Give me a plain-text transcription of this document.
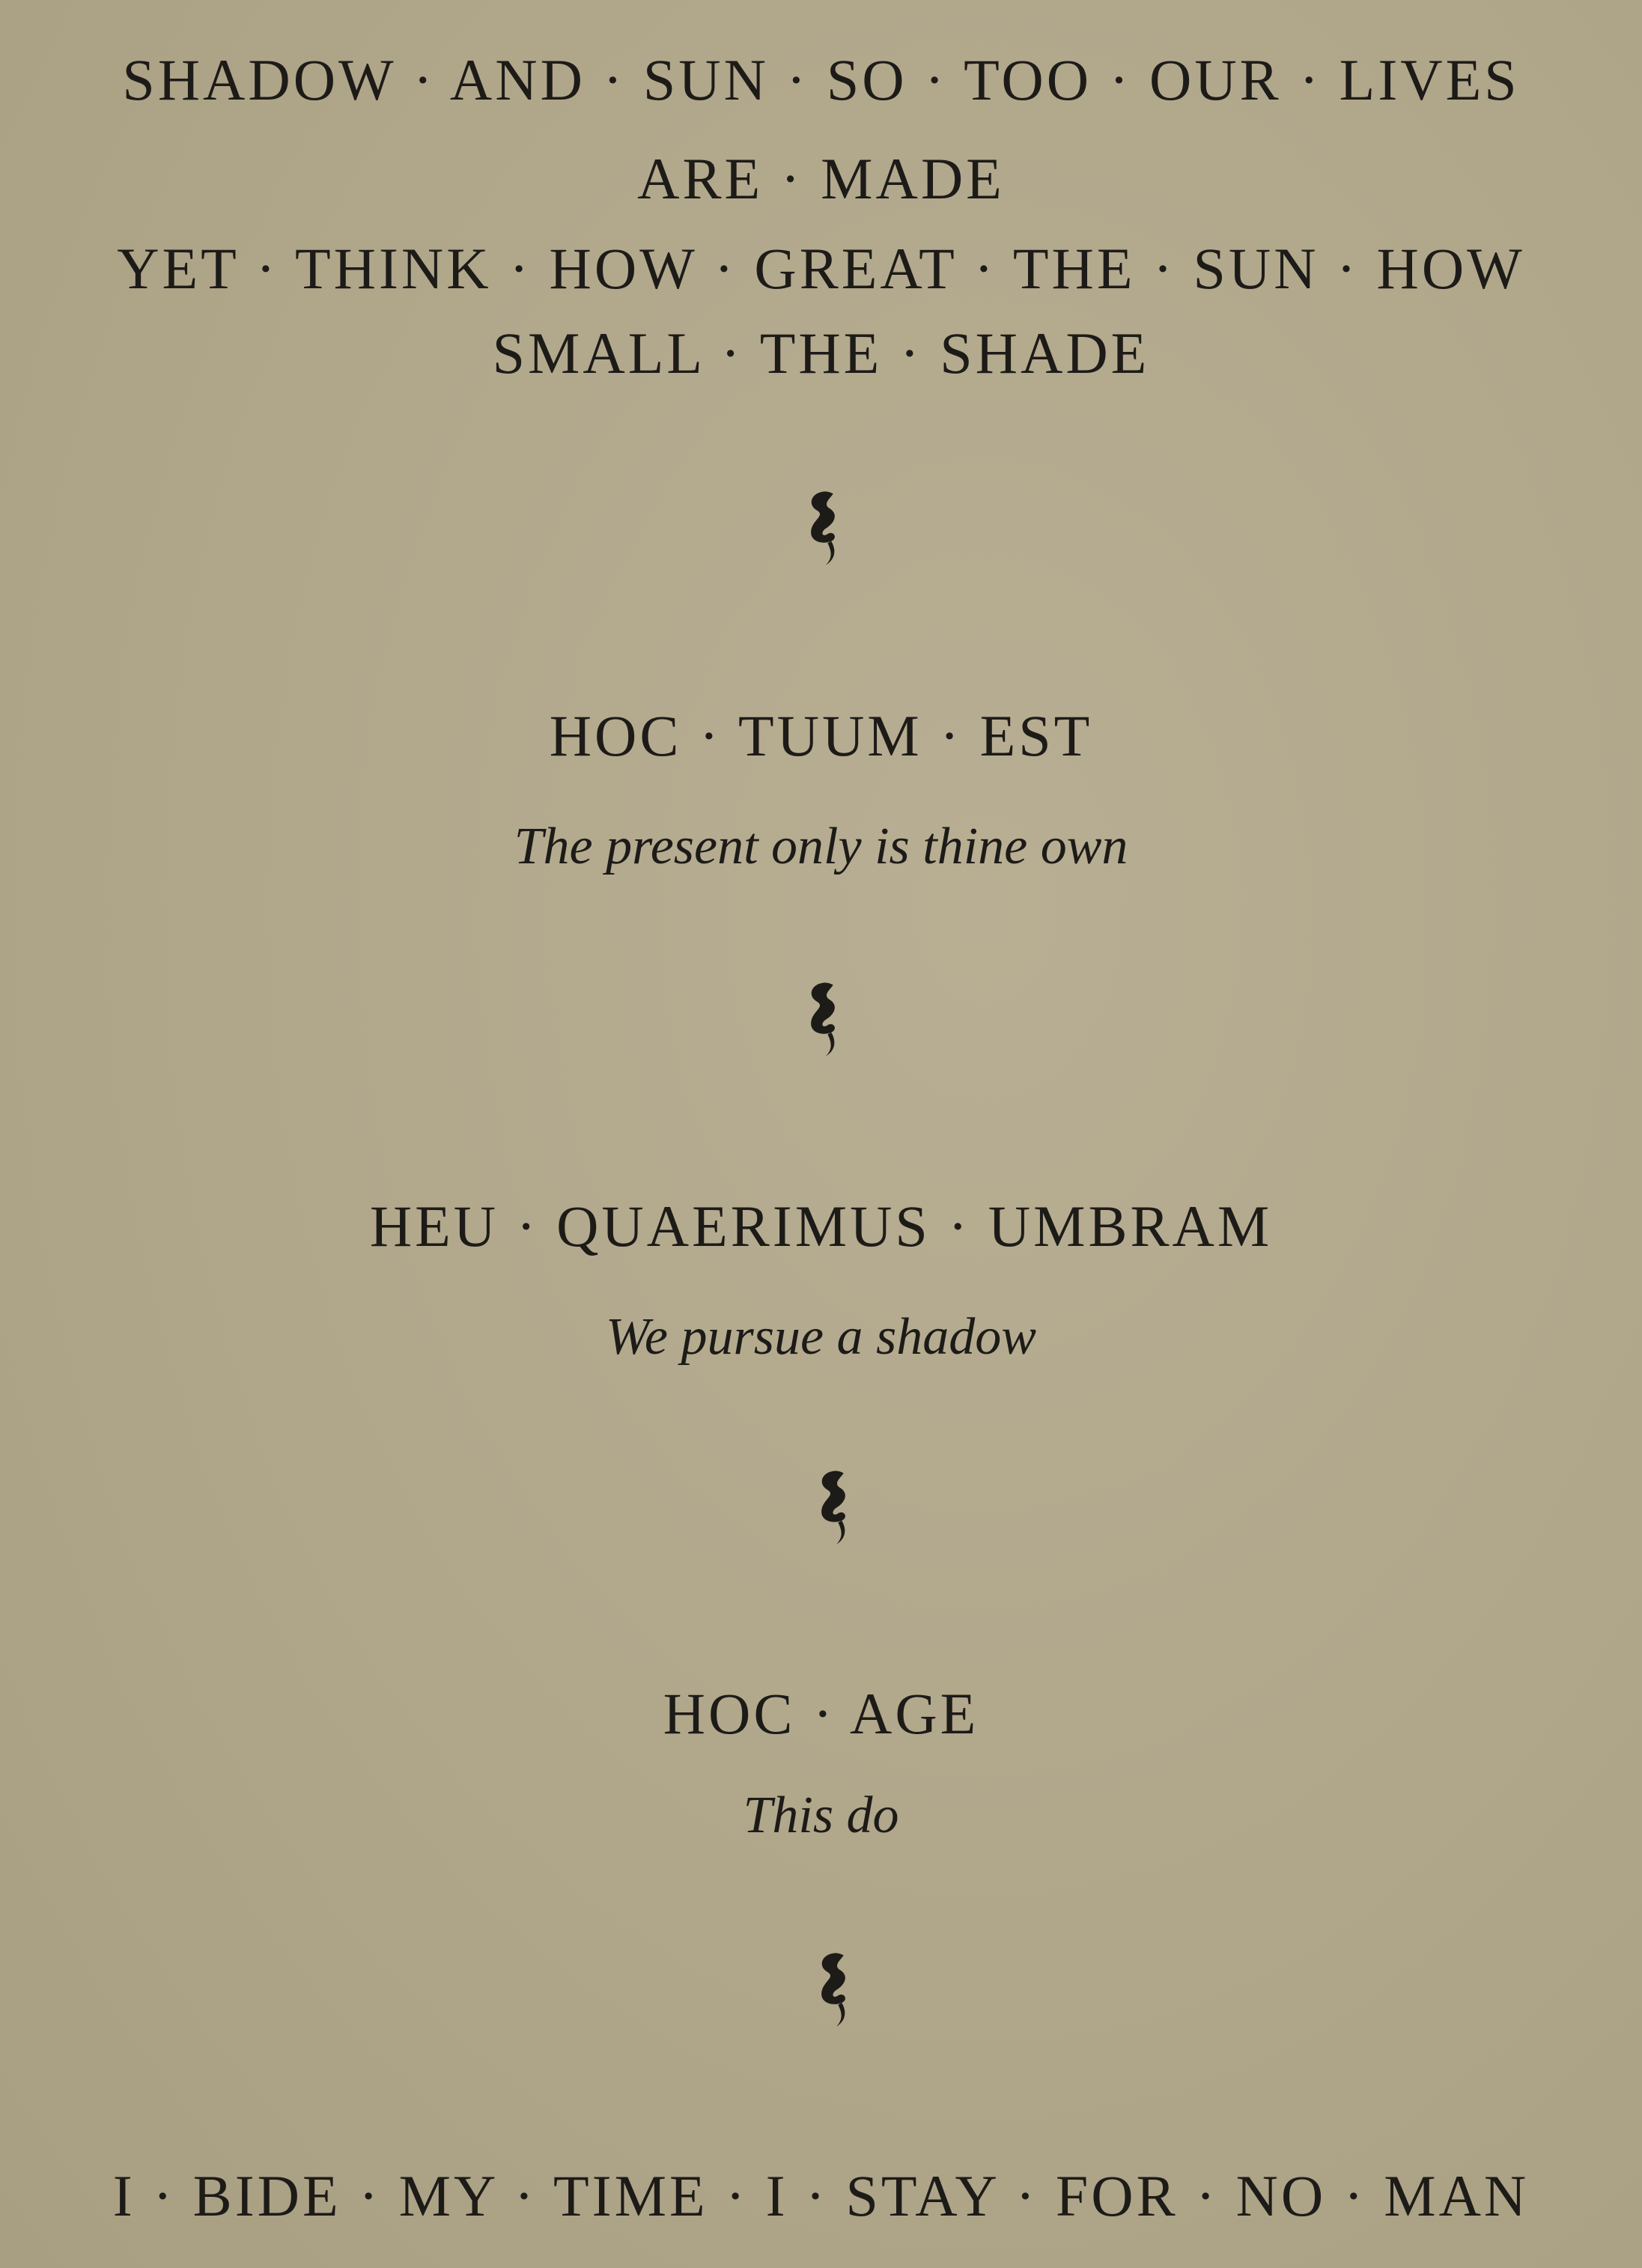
SHADOW · AND · SUN · SO · TOO · OUR · LIVES
ARE · MADE
YET · THINK · HOW · GREAT · THE · SUN · HOW
SMALL · THE · SHADE
HOC · TUUM · EST
The present only is thine own
HEU · QUAERIMUS · UMBRAM
We pursue a shadow
HOC · AGE
This do
I · BIDE · MY · TIME · I · STAY · FOR · NO · MAN
